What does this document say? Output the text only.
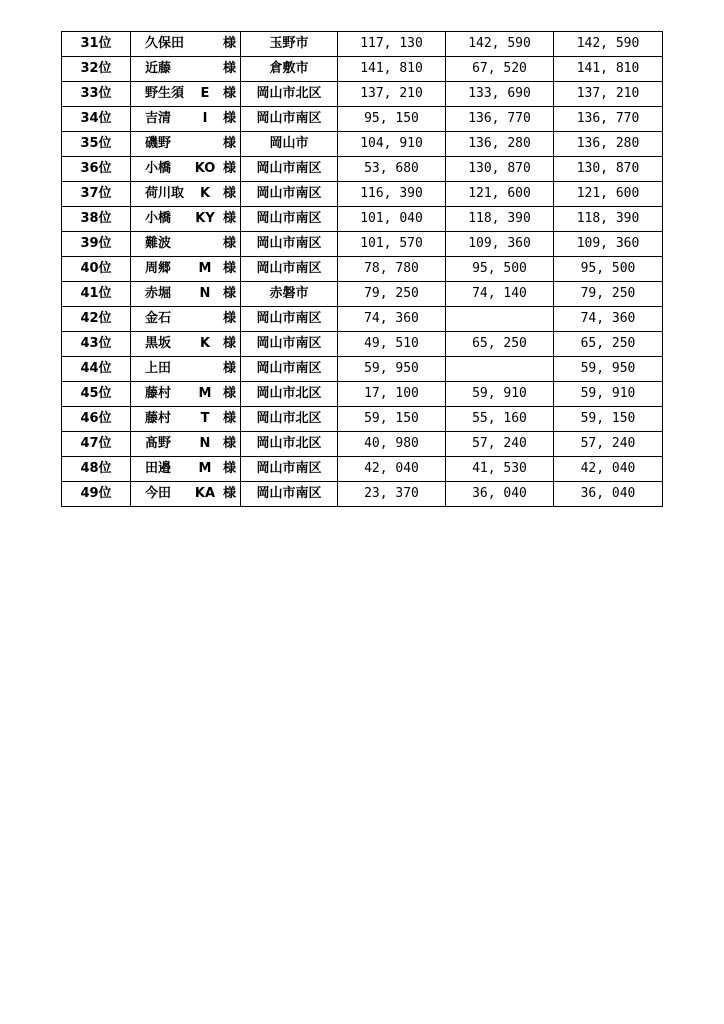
31位	久保田 様	玉野市	117, 130	142, 590	142, 590
32位	近藤 様	倉敷市	141, 810	67, 520	141, 810
33位	野生須 E 様	岡山市北区	137, 210	133, 690	137, 210
34位	吉清 I 様	岡山市南区	95, 150	136, 770	136, 770
35位	磯野 様	岡山市	104, 910	136, 280	136, 280
36位	小橋 KO 様	岡山市南区	53, 680	130, 870	130, 870
37位	荷川取 K 様	岡山市南区	116, 390	121, 600	121, 600
38位	小橋 KY 様	岡山市南区	101, 040	118, 390	118, 390
39位	難波 様	岡山市南区	101, 570	109, 360	109, 360
40位	周郷 M 様	岡山市南区	78, 780	95, 500	95, 500
41位	赤堀 N 様	赤磐市	79, 250	74, 140	79, 250
42位	金石 様	岡山市南区	74, 360		74, 360
43位	黒坂 K 様	岡山市南区	49, 510	65, 250	65, 250
44位	上田 様	岡山市南区	59, 950		59, 950
45位	藤村 M 様	岡山市北区	17, 100	59, 910	59, 910
46位	藤村 T 様	岡山市北区	59, 150	55, 160	59, 150
47位	髙野 N 様	岡山市北区	40, 980	57, 240	57, 240
48位	田邉 M 様	岡山市南区	42, 040	41, 530	42, 040
49位	今田 KA 様	岡山市南区	23, 370	36, 040	36, 040
